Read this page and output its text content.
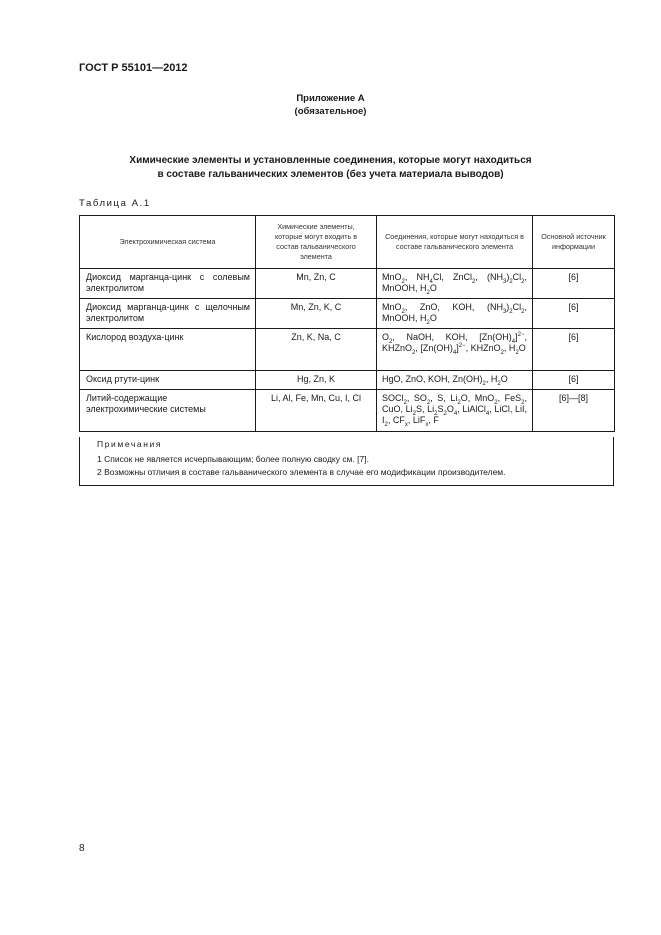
ГОСТ Р 55101—2012
Приложение А
(обязательное)
Химические элементы и установленные соединения, которые могут находиться
в составе гальванических элементов (без учета материала выводов)
Таблица А.1
Электрохимическая система	Химические элементы, которые могут входить в состав гальванического элемента	Соединения, которые могут находиться в составе гальванического элемента	Основной источник информации
Диоксид марганца-цинк с солевым электролитом	Mn, Zn, C	MnO$_2$, $NH_4Cl$, ZnCl$_2$, $(NH_3)_2Cl_2$, MnOOH, $H_2O$	[6]
Диоксид марганца-цинк с щелочным электролитом	Mn, Zn, K, C	MnO$_2$, ZnO, KOH, $(NH_3)_2Cl_2$, MnOOH, $H_2O$	[6]
Кислород воздуха-цинк	Zn, K, Na, C	$O_2$, NaOH, KOH, $[Zn(OH)_4]^{2-}$, KHZnO$_2$, $[Zn(OH)_4]^{2-}$, KHZnO$_2$, $H_2O$	[6]
Оксид ртути-цинк	Hg, Zn, K	HgO, ZnO, KOH, $Zn(OH)_2$, $H_2O$	[6]
Литий-содержащие электрохимические системы	Li, Al, Fe, Mn, Cu, I, Cl	SOCl$_2$, $SO_2$, S, $Li_2O$, MnO$_2$, FeS$_2$, CuO, $Li_2S$, $Li_2S_2O_4$, LiAlCl$_4$, LiCl, LiI, $I_2$, $CF_x$, LiF$_x$, F	[6]—[8]
Примечания
1 Список не является исчерпывающим; более полную сводку см. [7].
2 Возможны отличия в составе гальванического элемента в случае его модификации производителем.
8
